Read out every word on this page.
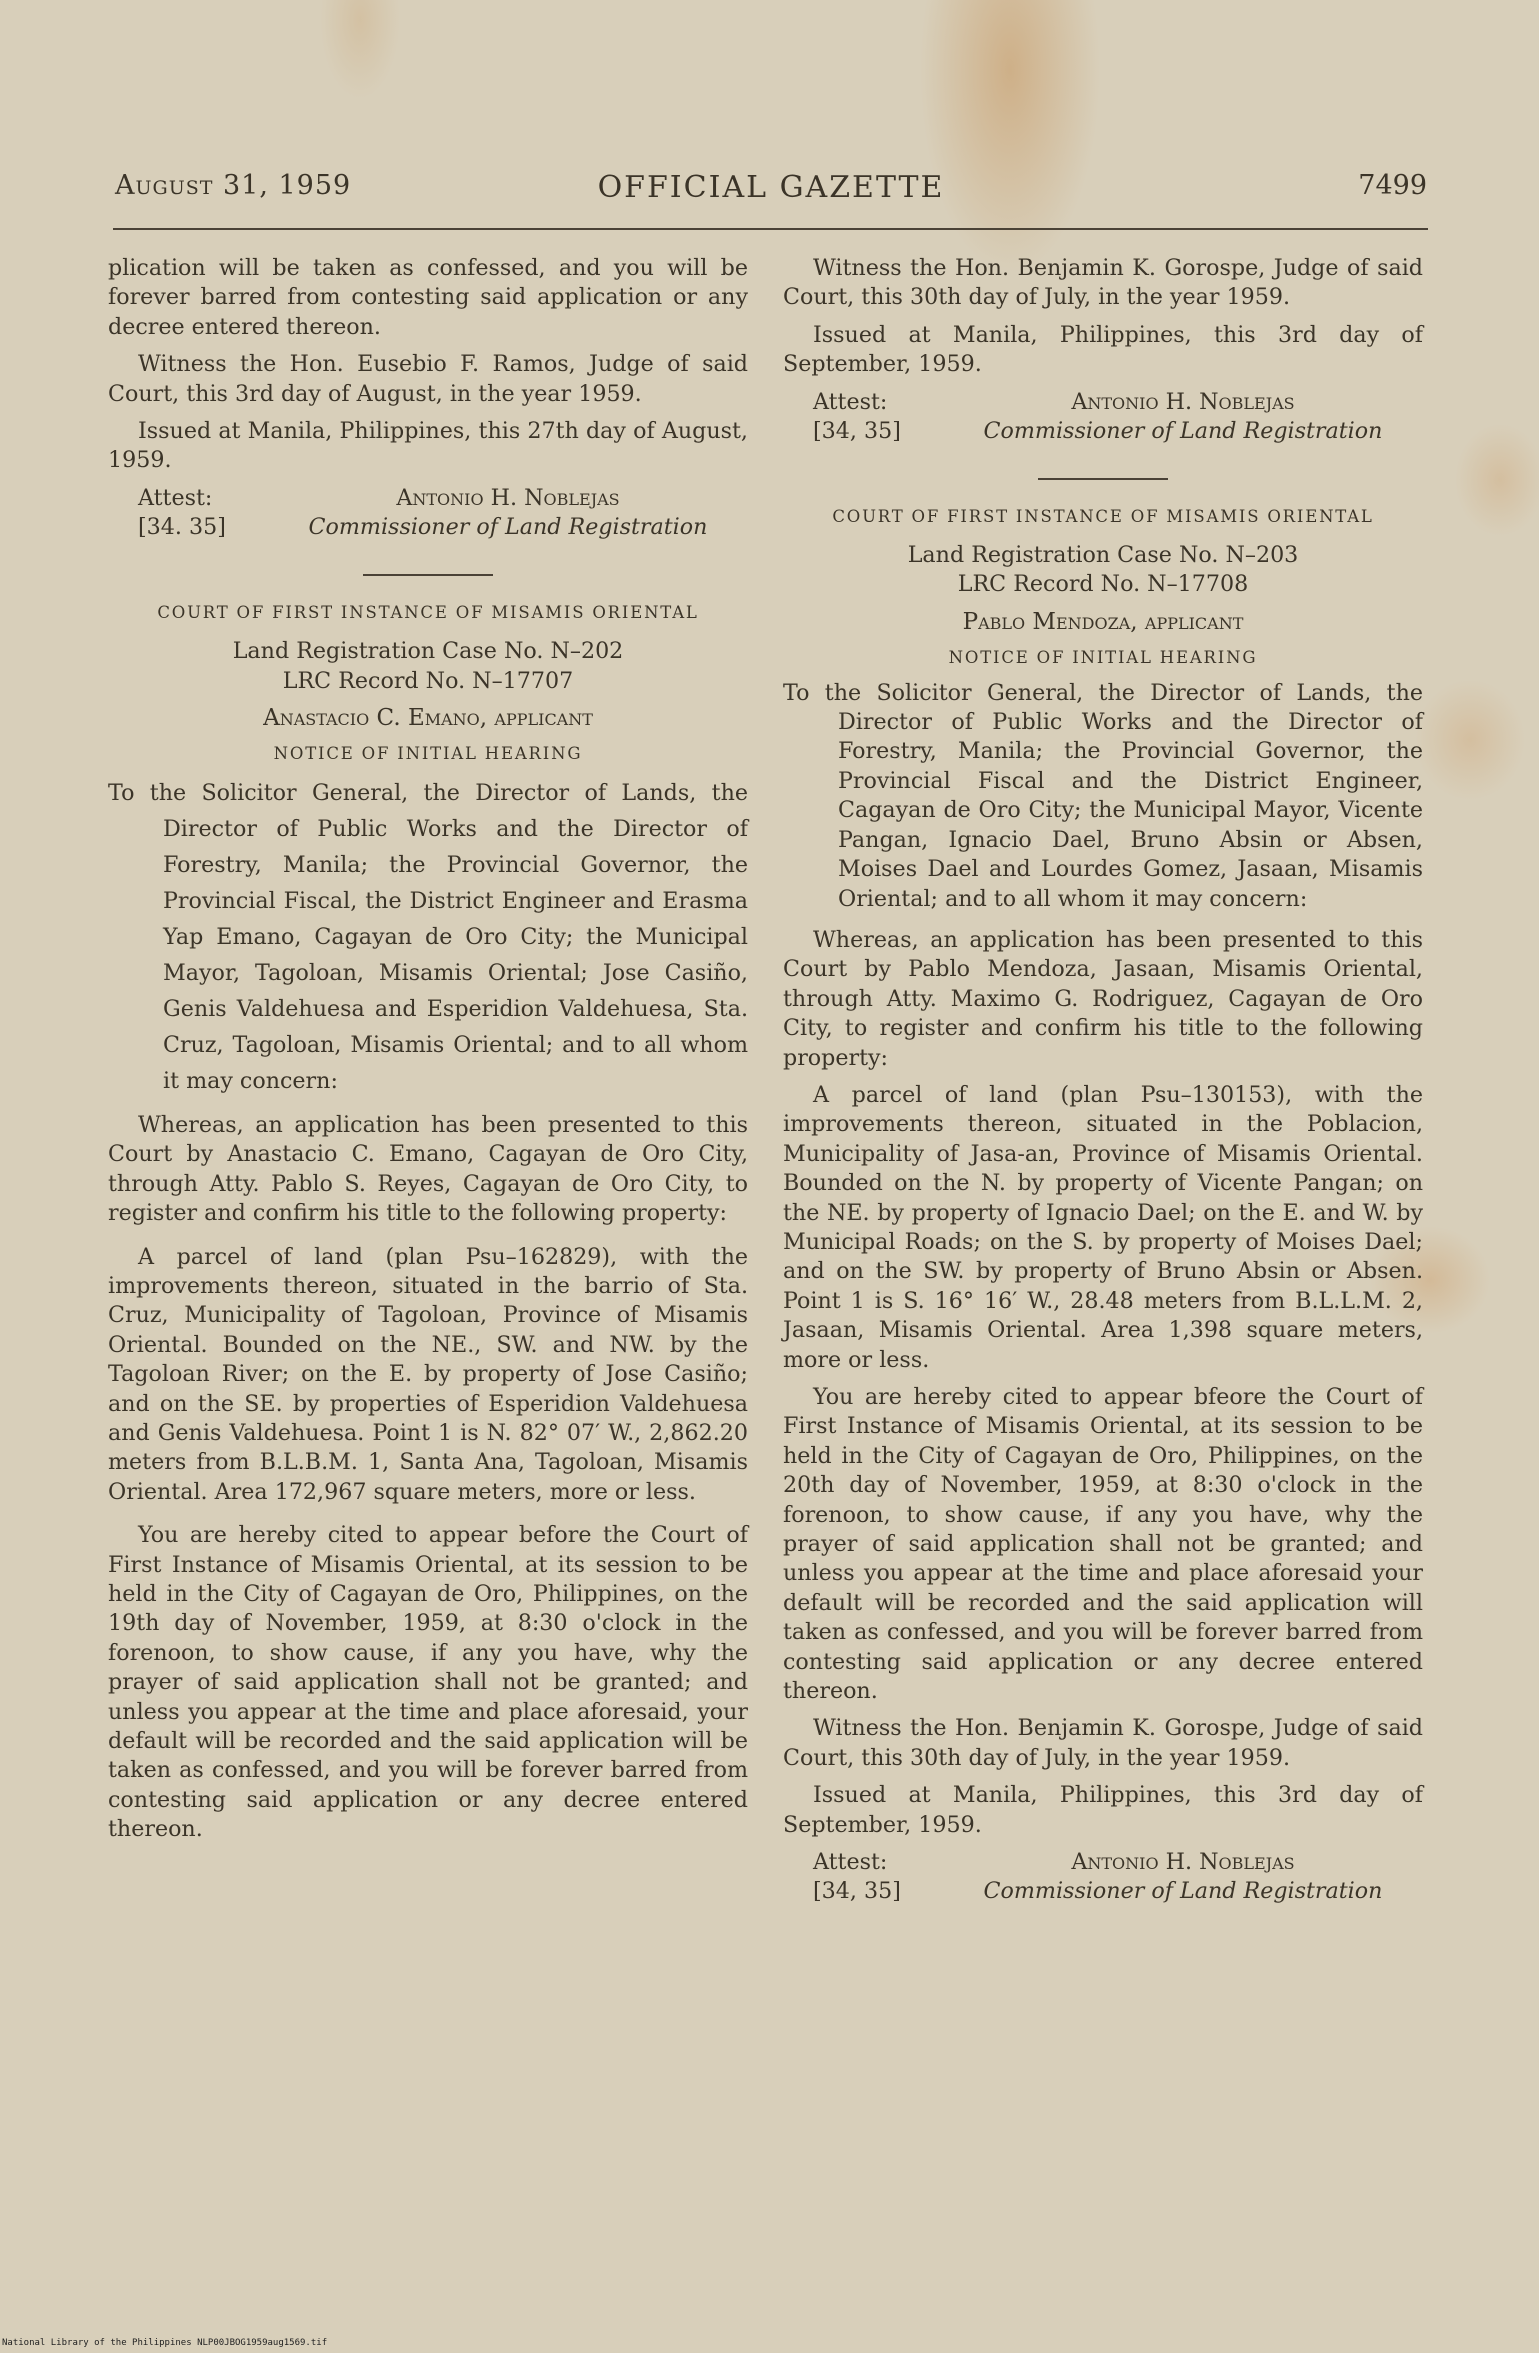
August 31, 1959	OFFICIAL GAZETTE	7499

plication will be taken as confessed, and you will be forever barred from contesting said application or any decree entered thereon.

Witness the Hon. Eusebio F. Ramos, Judge of said Court, this 3rd day of August, in the year 1959.

Issued at Manila, Philippines, this 27th day of August, 1959.

Attest:
[34. 35]
Antonio H. Noblejas
Commissioner of Land Registration
COURT OF FIRST INSTANCE OF MISAMIS ORIENTAL
Land Registration Case No. N–202
LRC Record No. N–17707
Anastacio C. Emano, applicant
NOTICE OF INITIAL HEARING
To the Solicitor General, the Director of Lands, the Director of Public Works and the Director of Forestry, Manila; the Provincial Governor, the Provincial Fiscal, the District Engineer and Erasma Yap Emano, Cagayan de Oro City; the Municipal Mayor, Tagoloan, Misamis Oriental; Jose Casiño, Genis Valdehuesa and Esperidion Valdehuesa, Sta. Cruz, Tagoloan, Misamis Oriental; and to all whom it may concern:

Whereas, an application has been presented to this Court by Anastacio C. Emano, Cagayan de Oro City, through Atty. Pablo S. Reyes, Cagayan de Oro City, to register and confirm his title to the following property:

A parcel of land (plan Psu–162829), with the improvements thereon, situated in the barrio of Sta. Cruz, Municipality of Tagoloan, Province of Misamis Oriental. Bounded on the NE., SW. and NW. by the Tagoloan River; on the E. by property of Jose Casiño; and on the SE. by properties of Esperidion Valdehuesa and Genis Valdehuesa. Point 1 is N. 82° 07′ W., 2,862.20 meters from B.L.B.M. 1, Santa Ana, Tagoloan, Misamis Oriental. Area 172,967 square meters, more or less.

You are hereby cited to appear before the Court of First Instance of Misamis Oriental, at its session to be held in the City of Cagayan de Oro, Philippines, on the 19th day of November, 1959, at 8:30 o'clock in the forenoon, to show cause, if any you have, why the prayer of said application shall not be granted; and unless you appear at the time and place aforesaid, your default will be recorded and the said application will be taken as confessed, and you will be forever barred from contesting said application or any decree entered thereon.

Witness the Hon. Benjamin K. Gorospe, Judge of said Court, this 30th day of July, in the year 1959.

Issued at Manila, Philippines, this 3rd day of September, 1959.

Attest:
[34, 35]
Antonio H. Noblejas
Commissioner of Land Registration
COURT OF FIRST INSTANCE OF MISAMIS ORIENTAL
Land Registration Case No. N–203
LRC Record No. N–17708
Pablo Mendoza, applicant
NOTICE OF INITIAL HEARING
To the Solicitor General, the Director of Lands, the Director of Public Works and the Director of Forestry, Manila; the Provincial Governor, the Provincial Fiscal and the District Engineer, Cagayan de Oro City; the Municipal Mayor, Vicente Pangan, Ignacio Dael, Bruno Absin or Absen, Moises Dael and Lourdes Gomez, Jasaan, Misamis Oriental; and to all whom it may concern:

Whereas, an application has been presented to this Court by Pablo Mendoza, Jasaan, Misamis Oriental, through Atty. Maximo G. Rodriguez, Cagayan de Oro City, to register and confirm his title to the following property:

A parcel of land (plan Psu–130153), with the improvements thereon, situated in the Poblacion, Municipality of Jasa-an, Province of Misamis Oriental. Bounded on the N. by property of Vicente Pangan; on the NE. by property of Ignacio Dael; on the E. and W. by Municipal Roads; on the S. by property of Moises Dael; and on the SW. by property of Bruno Absin or Absen. Point 1 is S. 16° 16′ W., 28.48 meters from B.L.L.M. 2, Jasaan, Misamis Oriental. Area 1,398 square meters, more or less.

You are hereby cited to appear bfeore the Court of First Instance of Misamis Oriental, at its session to be held in the City of Cagayan de Oro, Philippines, on the 20th day of November, 1959, at 8:30 o'clock in the forenoon, to show cause, if any you have, why the prayer of said application shall not be granted; and unless you appear at the time and place aforesaid your default will be recorded and the said application will taken as confessed, and you will be forever barred from contesting said application or any decree entered thereon.

Witness the Hon. Benjamin K. Gorospe, Judge of said Court, this 30th day of July, in the year 1959.

Issued at Manila, Philippines, this 3rd day of September, 1959.

Attest:
[34, 35]
Antonio H. Noblejas
Commissioner of Land Registration
National Library of the Philippines NLP00JBOG1959aug1569.tif
